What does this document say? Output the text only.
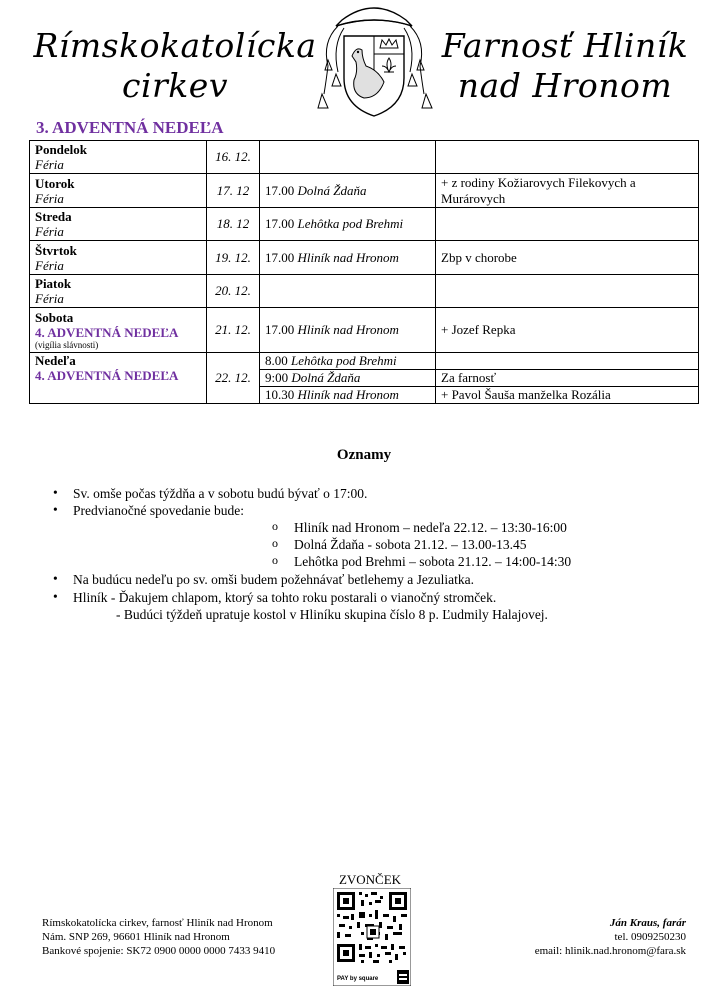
Rímskokatolícka
cirkev
Farnosť Hliník
nad Hronom
3. ADVENTNÁ NEDEĽA
Pondelok
Féria	16. 12.		

Utorok
Féria	17. 12	17.00 Dolná Ždaňa	+ z rodiny Kožiarovych Filekovych a Murárovych

Streda
Féria	18. 12	17.00 Lehôtka pod Brehmi	

Štvrtok
Féria	19. 12.	17.00 Hliník nad Hronom	Zbp v chorobe

Piatok
Féria	20. 12.		

Sobota
4. ADVENTNÁ NEDEĽA
(vigília slávnosti)	21. 12.	17.00 Hliník nad Hronom	+ Jozef Repka

Nedeľa
4. ADVENTNÁ NEDEĽA	22. 12.	8.00 Lehôtka pod Brehmi	
		9:00 Dolná Ždaňa	Za farnosť
		10.30 Hliník nad Hronom	+ Pavol Šauša manželka Rozália
Oznamy
• Sv. omše počas týždňa a v sobotu budú bývať o 17:00.
• Predvianočné spovedanie bude:
o Hliník nad Hronom – nedeľa 22.12. – 13:30-16:00
o Dolná Ždaňa - sobota 21.12. – 13.00-13.45
o Lehôtka pod Brehmi – sobota 21.12. – 14:00-14:30
• Na budúcu nedeľu po sv. omši budem požehnávať betlehemy a Jezuliatka.
• Hliník - Ďakujem chlapom, ktorý sa tohto roku postarali o vianočný stromček.
- Budúci týždeň upratuje kostol v Hliníku skupina číslo 8 p. Ľudmily Halajovej.
ZVONČEK
PAY by square
Rímskokatolícka cirkev, farnosť Hliník nad Hronom
Nám. SNP 269, 96601 Hliník nad Hronom
Bankové spojenie: SK72 0900 0000 0000 7433 9410
Ján Kraus, farár
tel. 0909250230
email: hlinik.nad.hronom@fara.sk
